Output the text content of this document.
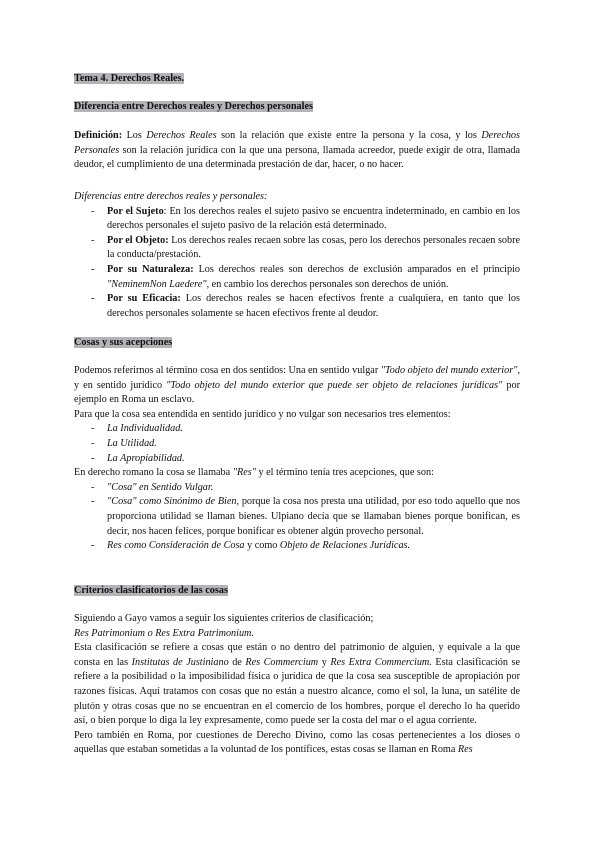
Tema 4. Derechos Reales.

Diferencia entre Derechos reales y Derechos personales

Definición: Los Derechos Reales son la relación que existe entre la persona y la cosa, y los Derechos Personales son la relación jurídica con la que una persona, llamada acreedor, puede exigir de otra, llamada deudor, el cumplimiento de una determinada prestación de dar, hacer, o no hacer.

Diferencias entre derechos reales y personales:

- Por el Sujeto: En los derechos reales el sujeto pasivo se encuentra indeterminado, en cambio en los derechos personales el sujeto pasivo de la relación está determinado.
- Por el Objeto: Los derechos reales recaen sobre las cosas, pero los derechos personales recaen sobre la conducta/prestación.
- Por su Naturaleza: Los derechos reales son derechos de exclusión amparados en el principio "NeminemNon Laedere", en cambio los derechos personales son derechos de unión.
- Por su Eficacia: Los derechos reales se hacen efectivos frente a cualquiera, en tanto que los derechos personales solamente se hacen efectivos frente al deudor.

Cosas y sus acepciones

Podemos referirnos al término cosa en dos sentidos: Una en sentido vulgar "Todo objeto del mundo exterior", y en sentido jurídico "Todo objeto del mundo exterior que puede ser objeto de relaciones jurídicas" por ejemplo en Roma un esclavo.

Para que la cosa sea entendida en sentido jurídico y no vulgar son necesarios tres elementos:

- La Individualidad.
- La Utilidad.
- La Apropiabilidad.

En derecho romano la cosa se llamaba "Res" y el término tenía tres acepciones, que son:

- "Cosa" en Sentido Vulgar.
- "Cosa" como Sinónimo de Bien, porque la cosa nos presta una utilidad, por eso todo aquello que nos proporciona utilidad se llaman bienes. Ulpiano decía que se llamaban bienes porque bonifican, es decir, nos hacen felices, porque bonificar es obtener algún provecho personal.
- Res como Consideración de Cosa y como Objeto de Relaciones Jurídicas.

Criterios clasificatorios de las cosas

Siguiendo a Gayo vamos a seguir los siguientes criterios de clasificación;

Res Patrimonium o Res Extra Patrimonium.

Esta clasificación se refiere a cosas que están o no dentro del patrimonio de alguien, y equivale a la que consta en las Institutas de Justiniano de Res Commercium y Res Extra Commercium. Esta clasificación se refiere a la posibilidad o la imposibilidad física o jurídica de que la cosa sea susceptible de apropiación por razones físicas. Aquí tratamos con cosas que no están a nuestro alcance, como el sol, la luna, un satélite de plutón y otras cosas que no se encuentran en el comercio de los hombres, porque el derecho lo ha querido así, o bien porque lo diga la ley expresamente, como puede ser la costa del mar o el agua corriente.

Pero también en Roma, por cuestiones de Derecho Divino, como las cosas pertenecientes a los dioses o aquellas que estaban sometidas a la voluntad de los pontífices, estas cosas se llaman en Roma Res
